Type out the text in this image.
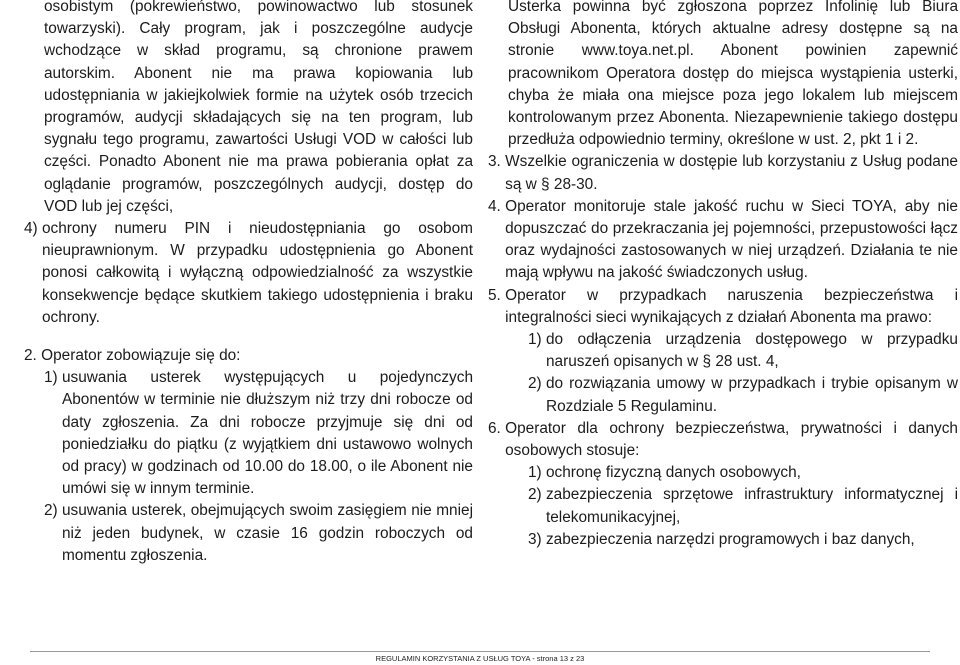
osobistym (pokrewieństwo, powinowactwo lub stosunek towarzyski). Cały program, jak i poszczególne audycje wchodzące w skład programu, są chronione prawem autorskim. Abonent nie ma prawa kopiowania lub udostępniania w jakiejkolwiek formie na użytek osób trzecich programów, audycji składających się na ten program, lub sygnału tego programu, zawartości Usługi VOD w całości lub części. Ponadto Abonent nie ma prawa pobierania opłat za oglądanie programów, poszczególnych audycji, dostęp do VOD lub jej części,

4) ochrony numeru PIN i nieudostępniania go osobom nieuprawnionym. W przypadku udostępnienia go Abonent ponosi całkowitą i wyłączną odpowiedzialność za wszystkie konsekwencje będące skutkiem takiego udostępnienia i braku ochrony.
2. Operator zobowiązuje się do:
1) usuwania usterek występujących u pojedynczych Abonentów w terminie nie dłuższym niż trzy dni robocze od daty zgłoszenia. Za dni robocze przyjmuje się dni od poniedziałku do piątku (z wyjątkiem dni ustawowo wolnych od pracy) w godzinach od 10.00 do 18.00, o ile Abonent nie umówi się w innym terminie.
2) usuwania usterek, obejmujących swoim zasięgiem nie mniej niż jeden budynek, w czasie 16 godzin roboczych od momentu zgłoszenia.

Usterka powinna być zgłoszona poprzez Infolinię lub Biura Obsługi Abonenta, których aktualne adresy dostępne są na stronie www.toya.net.pl. Abonent powinien zapewnić pracownikom Operatora dostęp do miejsca wystąpienia usterki, chyba że miała ona miejsce poza jego lokalem lub miejscem kontrolowanym przez Abonenta. Niezapewnienie takiego dostępu przedłuża odpowiednio terminy, określone w ust. 2, pkt 1 i 2.

3. Wszelkie ograniczenia w dostępie lub korzystaniu z Usług podane są w § 28-30.
4. Operator monitoruje stale jakość ruchu w Sieci TOYA, aby nie dopuszczać do przekraczania jej pojemności, przepustowości łącz oraz wydajności zastosowanych w niej urządzeń. Działania te nie mają wpływu na jakość świadczonych usług.
5. Operator w przypadkach naruszenia bezpieczeństwa i integralności sieci wynikających z działań Abonenta ma prawo:
1) do odłączenia urządzenia dostępowego w przypadku naruszeń opisanych w § 28 ust. 4,
2) do rozwiązania umowy w przypadkach i trybie opisanym w Rozdziale 5 Regulaminu.
6. Operator dla ochrony bezpieczeństwa, prywatności i danych osobowych stosuje:
1) ochronę fizyczną danych osobowych,
2) zabezpieczenia sprzętowe infrastruktury informatycznej i telekomunikacyjnej,
3) zabezpieczenia narzędzi programowych i baz danych,
REGULAMIN KORZYSTANIA Z USŁUG TOYA - strona 13 z 23
